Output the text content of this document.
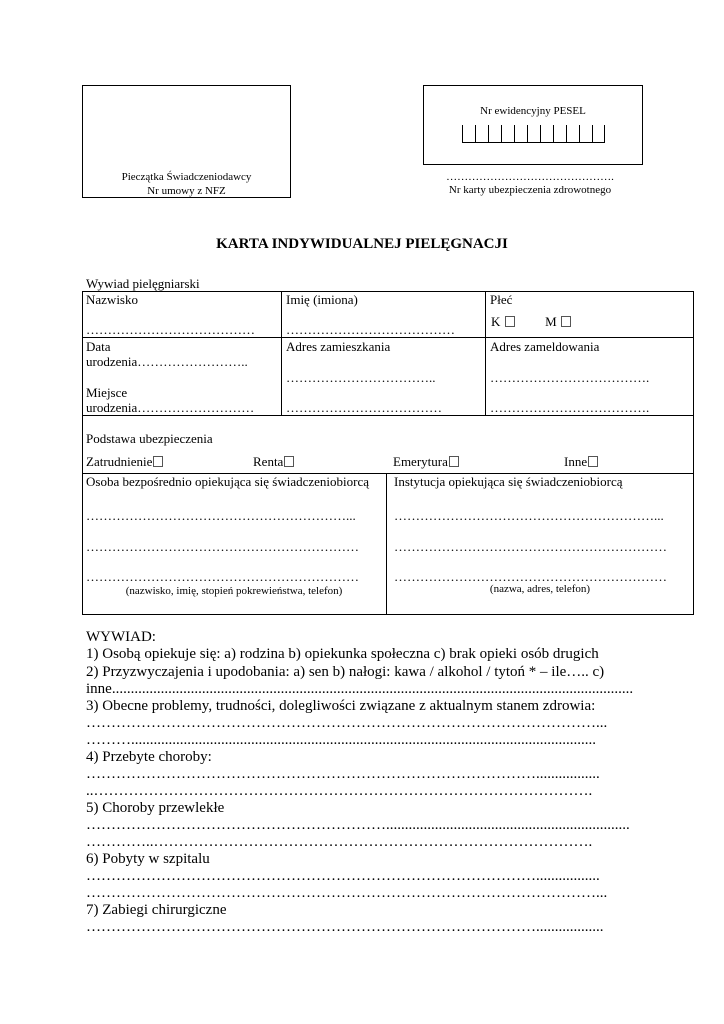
Pieczątka Świadczeniodawcy
Nr umowy z NFZ
Nr ewidencyjny PESEL
……………………………………….
Nr karty ubezpieczenia zdrowotnego
KARTA INDYWIDUALNEJ PIELĘGNACJI
Wywiad pielęgniarski
Nazwisko
…………………………………
Imię (imiona)
…………………………………
Płeć
K	M
Data
urodzenia……………………..
Miejsce
urodzenia………………………
Adres zamieszkania
……………………………..
………………………………
Adres zameldowania
……………………………….
……………………………….
Podstawa ubezpieczenia
Zatrudnienie	Renta	Emerytura	Inne
Osoba bezpośrednio opiekująca się świadczeniobiorcą
……………………………………………………...
………………………………………………………
………………………………………………………
(nazwisko, imię, stopień pokrewieństwa, telefon)
Instytucja opiekująca się świadczeniobiorcą
……………………………………………………...
………………………………………………………
………………………………………………………
(nazwa, adres, telefon)
WYWIAD:
1) Osobą opiekuje się: a) rodzina b) opiekunka społeczna c) brak opieki osób drugich
2) Przyzwyczajenia i upodobania: a) sen b) nałogi: kawa / alkohol / tytoń * – ile….. c)
inne...........................................................................................................................................
3) Obecne problemy, trudności, dolegliwości związane z aktualnym stanem zdrowia:
…………………………………………………………………………………………...
………............................................................................................................................
4) Przebyte choroby:
……………………………………………………………………………….................
..……………………………………………………………………………………….
5) Choroby przewlekłe
…………………………………………………….................................................................
…………..…………………………………………………………………………….
6) Pobyty w szpitalu
……………………………………………………………………………….................
…………………………………………………………………………………………...
7) Zabiegi chirurgiczne
………………………………………………………………………………..................
